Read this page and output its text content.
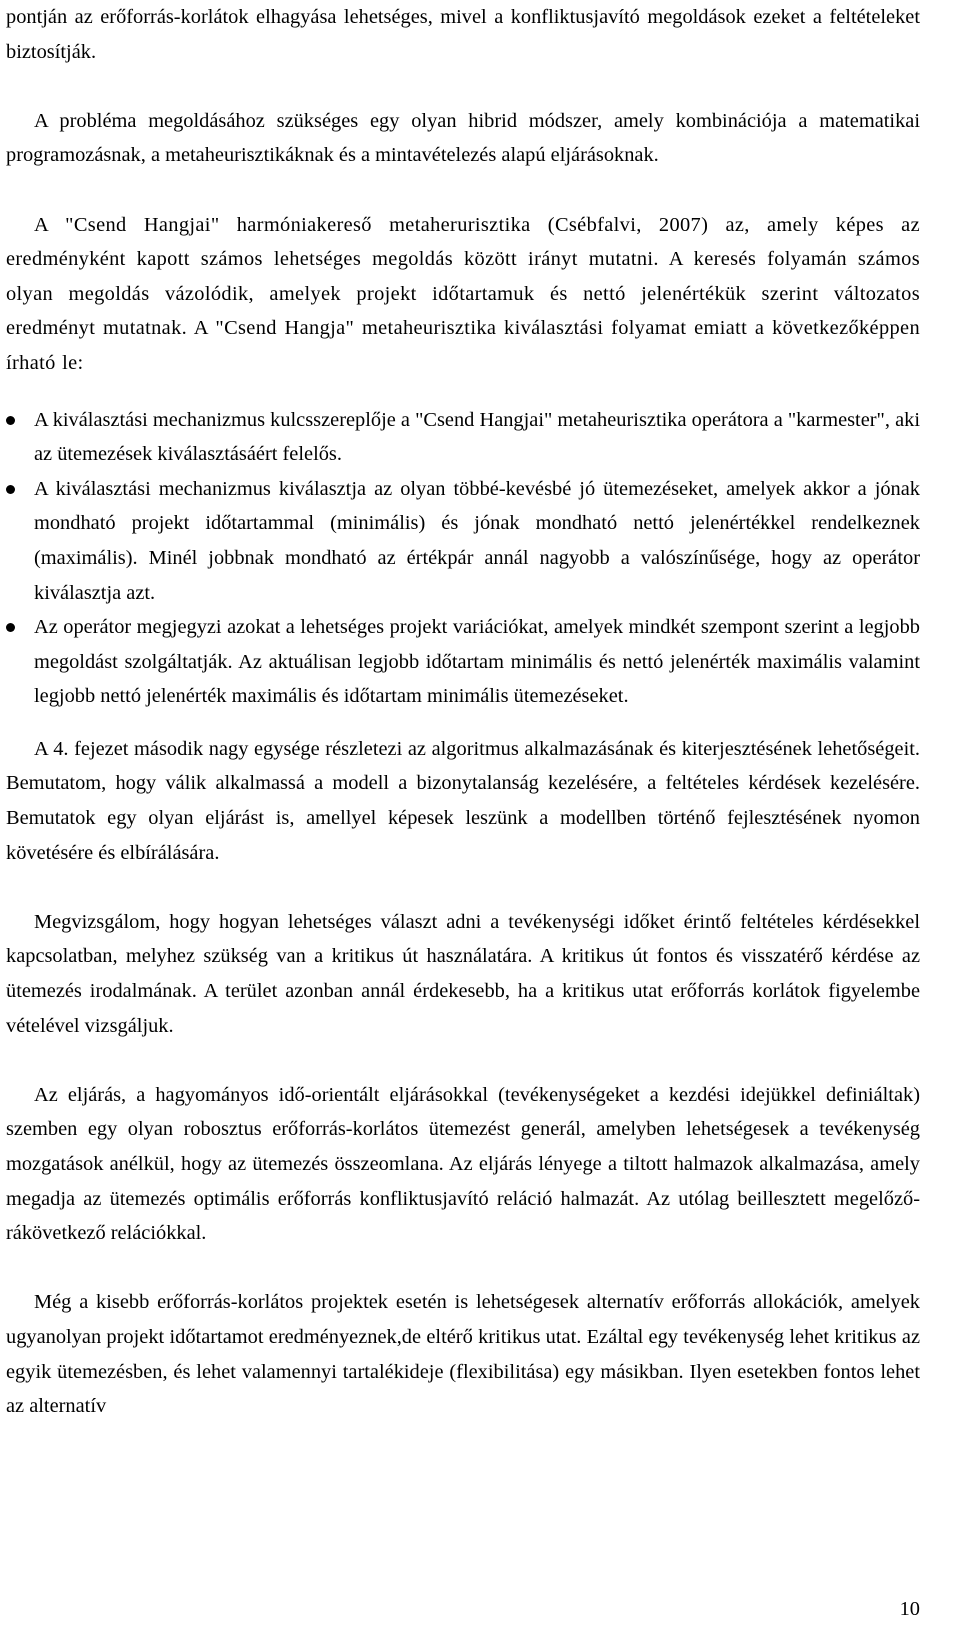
pontján az erőforrás-korlátok elhagyása lehetséges, mivel a konfliktusjavító megoldások ezeket a feltételeket biztosítják.

A probléma megoldásához szükséges egy olyan hibrid módszer, amely kombinációja a matematikai programozásnak, a metaheurisztikáknak és a mintavételezés alapú eljárásoknak.

A "Csend Hangjai" harmóniakereső metaherurisztika (Csébfalvi, 2007) az, amely képes az eredményként kapott számos lehetséges megoldás között irányt mutatni. A keresés folyamán számos olyan megoldás vázolódik, amelyek projekt időtartamuk és nettó jelenértékük szerint változatos eredményt mutatnak. A "Csend Hangja" metaheurisztika kiválasztási folyamat emiatt a következőképpen írható le:

A kiválasztási mechanizmus kulcsszereplője a "Csend Hangjai" metaheurisztika operátora a "karmester", aki az ütemezések kiválasztásáért felelős.
A kiválasztási mechanizmus kiválasztja az olyan többé-kevésbé jó ütemezéseket, amelyek akkor a jónak mondható projekt időtartammal (minimális) és jónak mondható nettó jelenértékkel rendelkeznek (maximális). Minél jobbnak mondható az értékpár annál nagyobb a valószínűsége, hogy az operátor kiválasztja azt.
Az operátor megjegyzi azokat a lehetséges projekt variációkat, amelyek mindkét szempont szerint a legjobb megoldást szolgáltatják. Az aktuálisan legjobb időtartam minimális és nettó jelenérték maximális valamint legjobb nettó jelenérték maximális és időtartam minimális ütemezéseket.

A 4. fejezet második nagy egysége részletezi az algoritmus alkalmazásának és kiterjesztésének lehetőségeit. Bemutatom, hogy válik alkalmassá a modell a bizonytalanság kezelésére, a feltételes kérdések kezelésére. Bemutatok egy olyan eljárást is, amellyel képesek leszünk a modellben történő fejlesztésének nyomon követésére és elbírálására.

Megvizsgálom, hogy hogyan lehetséges választ adni a tevékenységi időket érintő feltételes kérdésekkel kapcsolatban, melyhez szükség van a kritikus út használatára. A kritikus út fontos és visszatérő kérdése az ütemezés irodalmának. A terület azonban annál érdekesebb, ha a kritikus utat erőforrás korlátok figyelembe vételével vizsgáljuk.

Az eljárás, a hagyományos idő-orientált eljárásokkal (tevékenységeket a kezdési idejükkel definiáltak) szemben egy olyan robosztus erőforrás-korlátos ütemezést generál, amelyben lehetségesek a tevékenység mozgatások anélkül, hogy az ütemezés összeomlana. Az eljárás lényege a tiltott halmazok alkalmazása, amely megadja az ütemezés optimális erőforrás konfliktusjavító reláció halmazát. Az utólag beillesztett megelőző-rákövetkező relációkkal.

Még a kisebb erőforrás-korlátos projektek esetén is lehetségesek alternatív erőforrás allokációk, amelyek ugyanolyan projekt időtartamot eredményeznek,de eltérő kritikus utat. Ezáltal egy tevékenység lehet kritikus az egyik ütemezésben, és lehet valamennyi tartalékideje (flexibilitása) egy másikban. Ilyen esetekben fontos lehet az alternatív

10
